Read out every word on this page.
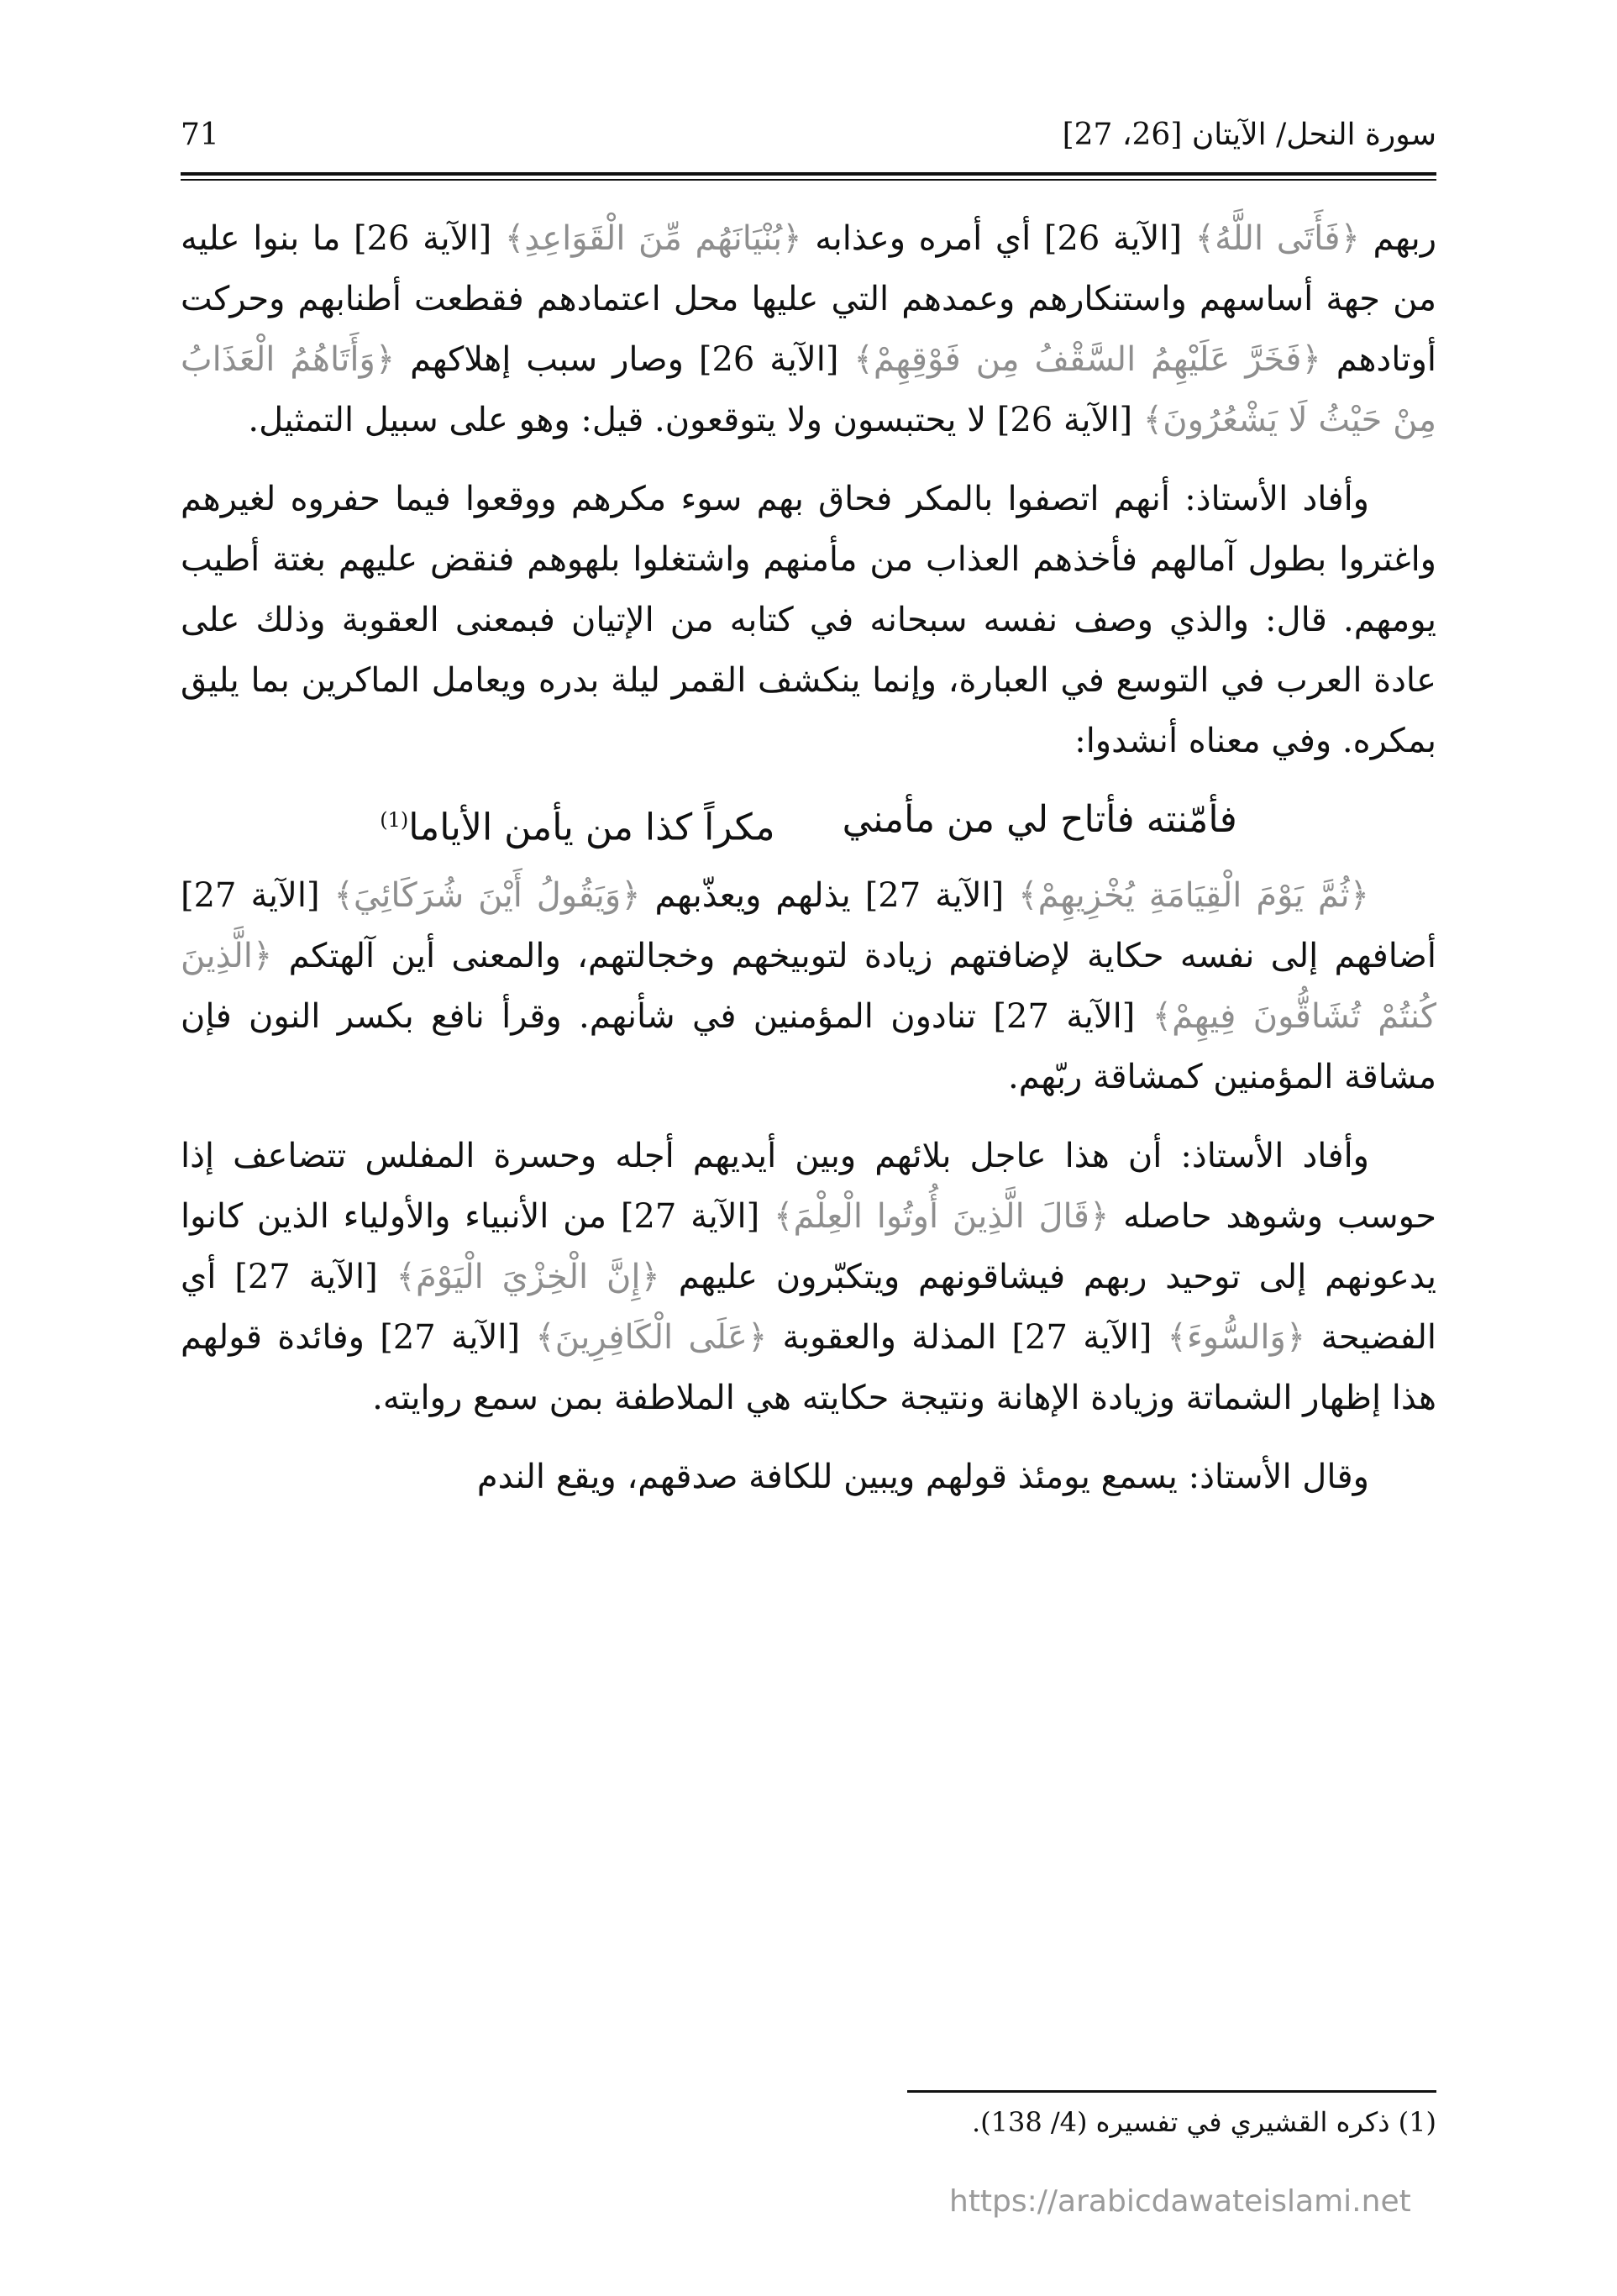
سورة النحل/ الآيتان [26، 27]
71

ربهم ﴿فَأَتَى اللَّهُ﴾ [الآية 26] أي أمره وعذابه ﴿بُنْيَانَهُم مِّنَ الْقَوَاعِدِ﴾ [الآية 26] ما بنوا عليه من جهة أساسهم واستنكارهم وعمدهم التي عليها محل اعتمادهم فقطعت أطنابهم وحركت أوتادهم ﴿فَخَرَّ عَلَيْهِمُ السَّقْفُ مِن فَوْقِهِمْ﴾ [الآية 26] وصار سبب إهلاكهم ﴿وَأَتَاهُمُ الْعَذَابُ مِنْ حَيْثُ لَا يَشْعُرُونَ﴾ [الآية 26] لا يحتبسون ولا يتوقعون. قيل: وهو على سبيل التمثيل.

وأفاد الأستاذ: أنهم اتصفوا بالمكر فحاق بهم سوء مكرهم ووقعوا فيما حفروه لغيرهم واغتروا بطول آمالهم فأخذهم العذاب من مأمنهم واشتغلوا بلهوهم فنقض عليهم بغتة أطيب يومهم. قال: والذي وصف نفسه سبحانه في كتابه من الإتيان فبمعنى العقوبة وذلك على عادة العرب في التوسع في العبارة، وإنما ينكشف القمر ليلة بدره ويعامل الماكرين بما يليق بمكره. وفي معناه أنشدوا:

فأمّنته فأتاح لي من مأمني
مكراً كذا من يأمن الأياما$^{(1)}$

﴿ثُمَّ يَوْمَ الْقِيَامَةِ يُخْزِيهِمْ﴾ [الآية 27] يذلهم ويعذّبهم ﴿وَيَقُولُ أَيْنَ شُرَكَائِيَ﴾ [الآية 27] أضافهم إلى نفسه حكاية لإضافتهم زيادة لتوبيخهم وخجالتهم، والمعنى أين آلهتكم ﴿الَّذِينَ كُنتُمْ تُشَاقُّونَ فِيهِمْ﴾ [الآية 27] تنادون المؤمنين في شأنهم. وقرأ نافع بكسر النون فإن مشاقة المؤمنين كمشاقة ربّهم.

وأفاد الأستاذ: أن هذا عاجل بلائهم وبين أيديهم أجله وحسرة المفلس تتضاعف إذا حوسب وشوهد حاصله ﴿قَالَ الَّذِينَ أُوتُوا الْعِلْمَ﴾ [الآية 27] من الأنبياء والأولياء الذين كانوا يدعونهم إلى توحيد ربهم فيشاقونهم ويتكبّرون عليهم ﴿إِنَّ الْخِزْيَ الْيَوْمَ﴾ [الآية 27] أي الفضيحة ﴿وَالسُّوءَ﴾ [الآية 27] المذلة والعقوبة ﴿عَلَى الْكَافِرِينَ﴾ [الآية 27] وفائدة قولهم هذا إظهار الشماتة وزيادة الإهانة ونتيجة حكايته هي الملاطفة بمن سمع روايته.

وقال الأستاذ: يسمع يومئذ قولهم ويبين للكافة صدقهم، ويقع الندم

(1) ذكره القشيري في تفسيره (4/ 138).
https://arabicdawateislami.net
